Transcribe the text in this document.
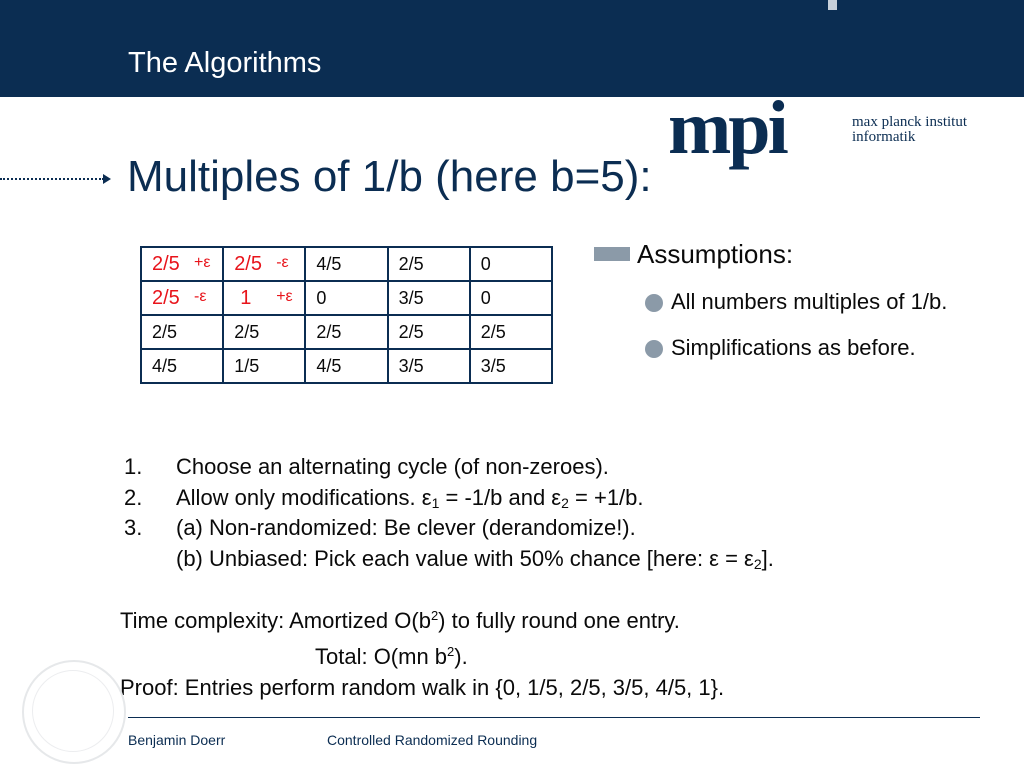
The Algorithms
Multiples of 1/b (here b=5):
mpi	max planck institut
informatik
2/5 +ε	2/5 -ε	4/5	2/5	0
2/5 -ε	1 +ε	0	3/5	0
2/5	2/5	2/5	2/5	2/5
4/5	1/5	4/5	3/5	3/5
Assumptions:
All numbers multiples of 1/b.
Simplifications as before.
1. Choose an alternating cycle (of non-zeroes).
2. Allow only modifications. $\varepsilon_1 = -1/b$ and $\varepsilon_2 = +1/b$.
3. (a) Non-randomized: Be clever (derandomize!).
(b) Unbiased: Pick each value with 50% chance [here: $\varepsilon = \varepsilon_2$].
Time complexity: Amortized $O(b^2)$ to fully round one entry.
Total: O(mn $b^2$).
Proof: Entries perform random walk in {0, 1/5, 2/5, 3/5, 4/5, 1}.
Benjamin Doerr	Controlled Randomized Rounding
